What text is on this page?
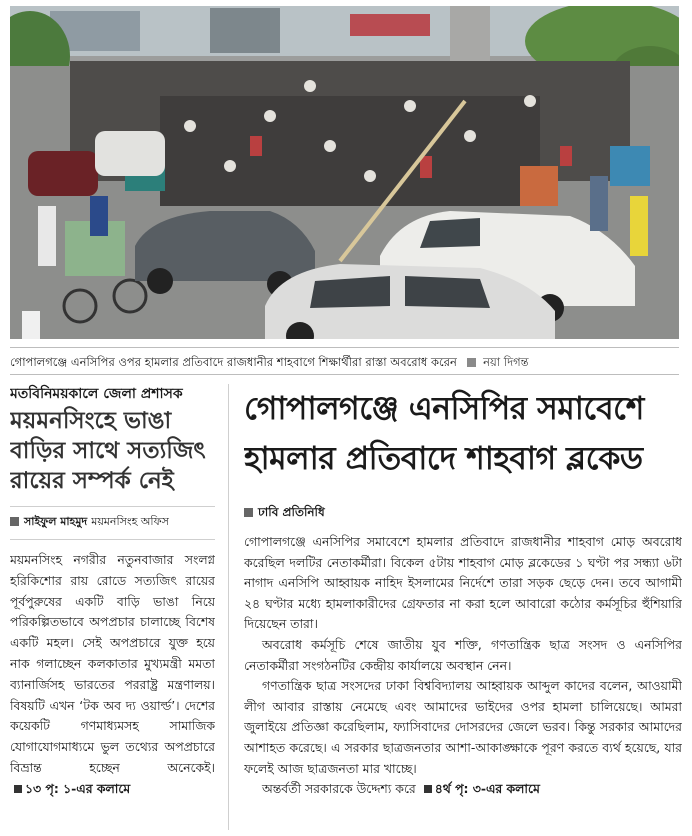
গোপালগঞ্জে এনসিপির ওপর হামলার প্রতিবাদে রাজধানীর শাহবাগে শিক্ষার্থীরা রাস্তা অবরোধ করেন নয়া দিগন্ত
মতবিনিময়কালে জেলা প্রশাসক
ময়মনসিংহে ভাঙা বাড়ির সাথে সত্যজিৎ রায়ের সম্পর্ক নেই
সাইফুল মাহমুদ ময়মনসিংহ অফিস
ময়মনসিংহ নগরীর নতুনবাজার সংলগ্ন হরিকিশোর রায় রোডে সত্যজিৎ রায়ের পূর্বপুরুষের একটি বাড়ি ভাঙা নিয়ে পরিকল্পিতভাবে অপপ্রচার চালাচ্ছে বিশেষ একটি মহল। সেই অপপ্রচারে যুক্ত হয়ে নাক গলাচ্ছেন কলকাতার মুখ্যমন্ত্রী মমতা ব্যানার্জিসহ ভারতের পররাষ্ট্র মন্ত্রণালয়। বিষয়টি এখন ‘টক অব দ্য ওয়ার্ল্ড’। দেশের কয়েকটি গণমাধ্যমসহ সামাজিক যোগাযোগমাধ্যমে ভুল তথ্যের অপপ্রচারে বিভ্রান্ত হচ্ছেন অনেকেই। ১৩ পৃ: ১-এর কলামে
গোপালগঞ্জে এনসিপির সমাবেশে
হামলার প্রতিবাদে শাহবাগ ব্লকেড
ঢাবি প্রতিনিধি

গোপালগঞ্জে এনসিপির সমাবেশে হামলার প্রতিবাদে রাজধানীর শাহবাগ মোড় অবরোধ করেছিল দলটির নেতাকর্মীরা। বিকেল ৫টায় শাহবাগ মোড় ব্লকেডের ১ ঘণ্টা পর সন্ধ্যা ৬টা নাগাদ এনসিপি আহ্বায়ক নাহিদ ইসলামের নির্দেশে তারা সড়ক ছেড়ে দেন। তবে আগামী ২৪ ঘণ্টার মধ্যে হামলাকারীদের গ্রেফতার না করা হলে আবারো কঠোর কর্মসূচির হুঁশিয়ারি দিয়েছেন তারা।

অবরোধ কর্মসূচি শেষে জাতীয় যুব শক্তি, গণতান্ত্রিক ছাত্র সংসদ ও এনসিপির নেতাকর্মীরা সংগঠনটির কেন্দ্রীয় কার্যালয়ে অবস্থান নেন।

গণতান্ত্রিক ছাত্র সংসদের ঢাকা বিশ্ববিদ্যালয় আহ্বায়ক আব্দুল কাদের বলেন, আওয়ামী লীগ আবার রাস্তায় নেমেছে এবং আমাদের ভাইদের ওপর হামলা চালিয়েছে। আমরা জুলাইয়ে প্রতিজ্ঞা করেছিলাম, ফ্যাসিবাদের দোসরদের জেলে ভরব। কিন্তু সরকার আমাদের আশাহত করেছে। এ সরকার ছাত্রজনতার আশা-আকাঙ্ক্ষাকে পূরণ করতে ব্যর্থ হয়েছে, যার ফলেই আজ ছাত্রজনতা মার খাচ্ছে।

অন্তর্বর্তী সরকারকে উদ্দেশ্য করে ৪র্থ পৃ: ৩-এর কলামে
